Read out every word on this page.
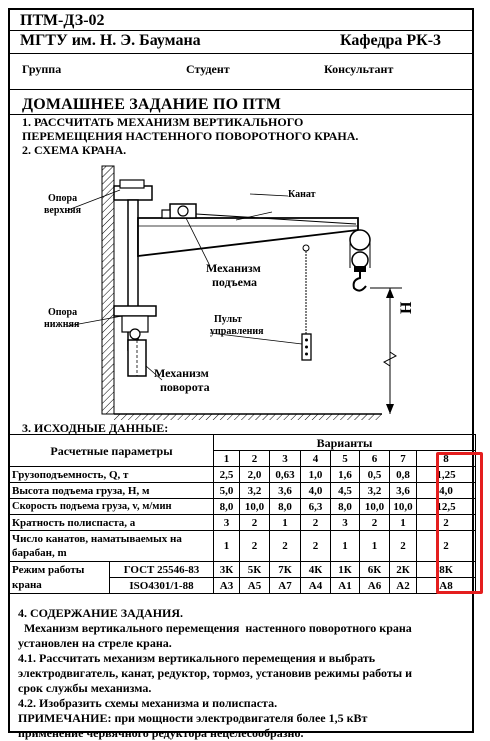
ПТМ-ДЗ-02
МГТУ им. Н. Э. Баумана	Кафедра РК-3
Группа	Студент	Консультант
ДОМАШНЕЕ ЗАДАНИЕ ПО ПТМ
1. РАССЧИТАТЬ МЕХАНИЗМ ВЕРТИКАЛЬНОГО
ПЕРЕМЕЩЕНИЯ НАСТЕННОГО ПОВОРОТНОГО КРАНА.
2. СХЕМА КРАНА.
Опора
верхняя
Опора
нижняя
Канат
Механизм
подъема
Пульт
управления
Механизм
поворота
H
3. ИСХОДНЫЕ ДАННЫЕ:
Расчетные параметры		Варианты							
		1	2	3	4	5	6	7	8
Грузоподъемность, Q, т		2,5	2,0	0,63	1,0	1,6	0,5	0,8	1,25
Высота подъема груза, Н, м		5,0	3,2	3,6	4,0	4,5	3,2	3,6	4,0
Скорость подъема груза, v, м/мин		8,0	10,0	8,0	6,3	8,0	10,0	10,0	12,5
Кратность полиспаста, а		3	2	1	2	3	2	1	2
Число канатов, наматываемых на барабан, m		1	2	2	2	1	1	2	2
Режим работы крана	ГОСТ 25546-83	3К	5К	7К	4К	1К	6К	2К	8К
	ISO4301/1-88	А3	А5	А7	А4	А1	А6	А2	А8
4. СОДЕРЖАНИЕ ЗАДАНИЯ.
Механизм вертикального перемещения  настенного поворотного крана
установлен на стреле крана.
4.1. Рассчитать механизм вертикального перемещения и выбрать
электродвигатель, канат, редуктор, тормоз, установив режимы работы и
срок службы механизма.
4.2. Изобразить схемы механизма и полиспаста.
ПРИМЕЧАНИЕ: при мощности электродвигателя более 1,5 кВт
применение червячного редуктора нецелесообразно.
